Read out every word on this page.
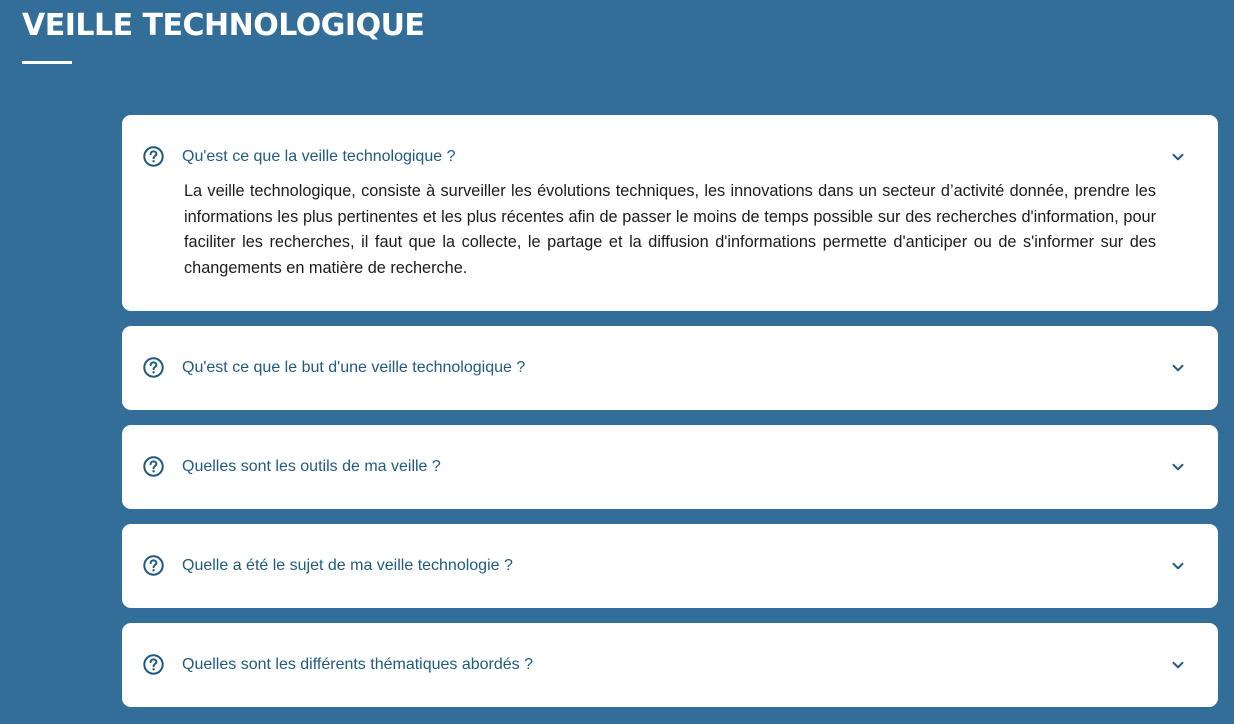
VEILLE TECHNOLOGIQUE
Qu'est ce que la veille technologique ?
La veille technologique, consiste à surveiller les évolutions techniques, les innovations dans un secteur d’activité donnée, prendre les informations les plus pertinentes et les plus récentes afin de passer le moins de temps possible sur des recherches d'information, pour faciliter les recherches, il faut que la collecte, le partage et la diffusion d'informations permette d'anticiper ou de s'informer sur des changements en matière de recherche.
Qu'est ce que le but d'une veille technologique ?
Quelles sont les outils de ma veille ?
Quelle a été le sujet de ma veille technologie ?
Quelles sont les différents thématiques abordés ?
